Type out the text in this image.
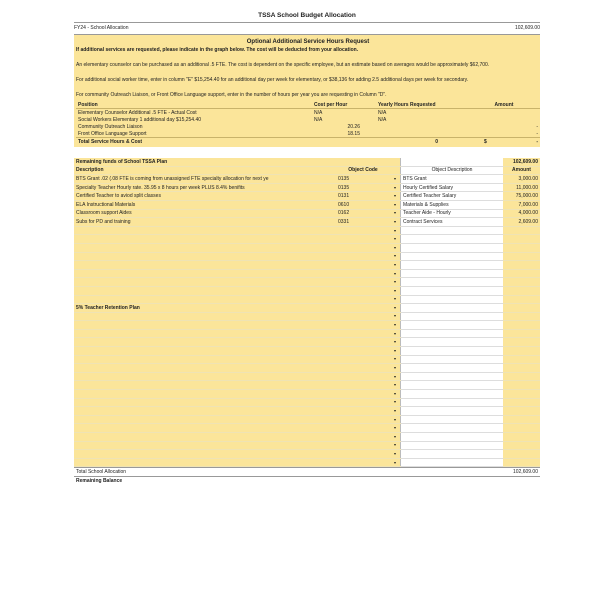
TSSA School Budget Allocation
FY24 - School Allocation	102,609.00
Optional Additional Service Hours Request

If additional services are requested, please indicate in the graph below. The cost will be deducted from your allocation.

An elementary counselor can be purchased as an additional .5 FTE. The cost is dependent on the specific employee, but an estimate based on averages would be approximately $62,700.

For additional social worker time, enter in column "E" $15,254.40 for an additional day per week for elementary, or $38,136 for adding 2.5 additional days per week for secondary.

For community Outreach Liaison, or Front Office Language support, enter in the number of hours per year you are requesting in Column "D".

Position	Cost per Hour	Yearly Hours Requested	Amount
Elementary Counselor Additional .5 FTE - Actual Cost	N/A	N/A	
Social Workers Elementary 1 additional day $15,254.40	N/A	N/A	
Community Outreach Liaison	20.26		-
Front Office Language Support	18.15		-
Total Service Hours & Cost		0	$ -
Remaining funds of School TSSA Plan				102,609.00
Description	Object Code		Object Description	Amount
BTS Grant .02 (.08 FTE is coming from unassigned FTE specialty allocation for next ye	0135	▾	BTS Grant	3,000.00
Specialty Teacher Hourly rate. 35.95 x 8 hours per week PLUS 8.4% benifits	0135	▾	Hourly Certified Salary	11,000.00
Certified Teacher to aviod split classes	0131	▾	Certified Teacher Salary	75,000.00
ELA Instructional Materials	0610	▾	Materials & Supplies	7,000.00
Classroom support Aides	0162	▾	Teacher Aide - Hourly	4,000.00
Subs for PD and training	0331	▾	Contract Services	2,609.00
		▾		
		▾		
		▾		
		▾		
		▾		
		▾		
		▾		
		▾		
		▾		
5% Teacher Retention Plan		▾		
		▾		
		▾		
		▾		
		▾		
		▾		
		▾		
		▾		
		▾		
		▾		
		▾		
		▾		
		▾		
		▾		
		▾		
		▾		
		▾		
		▾		
		▾		
Total School Allocation	102,609.00
Remaining Balance	
